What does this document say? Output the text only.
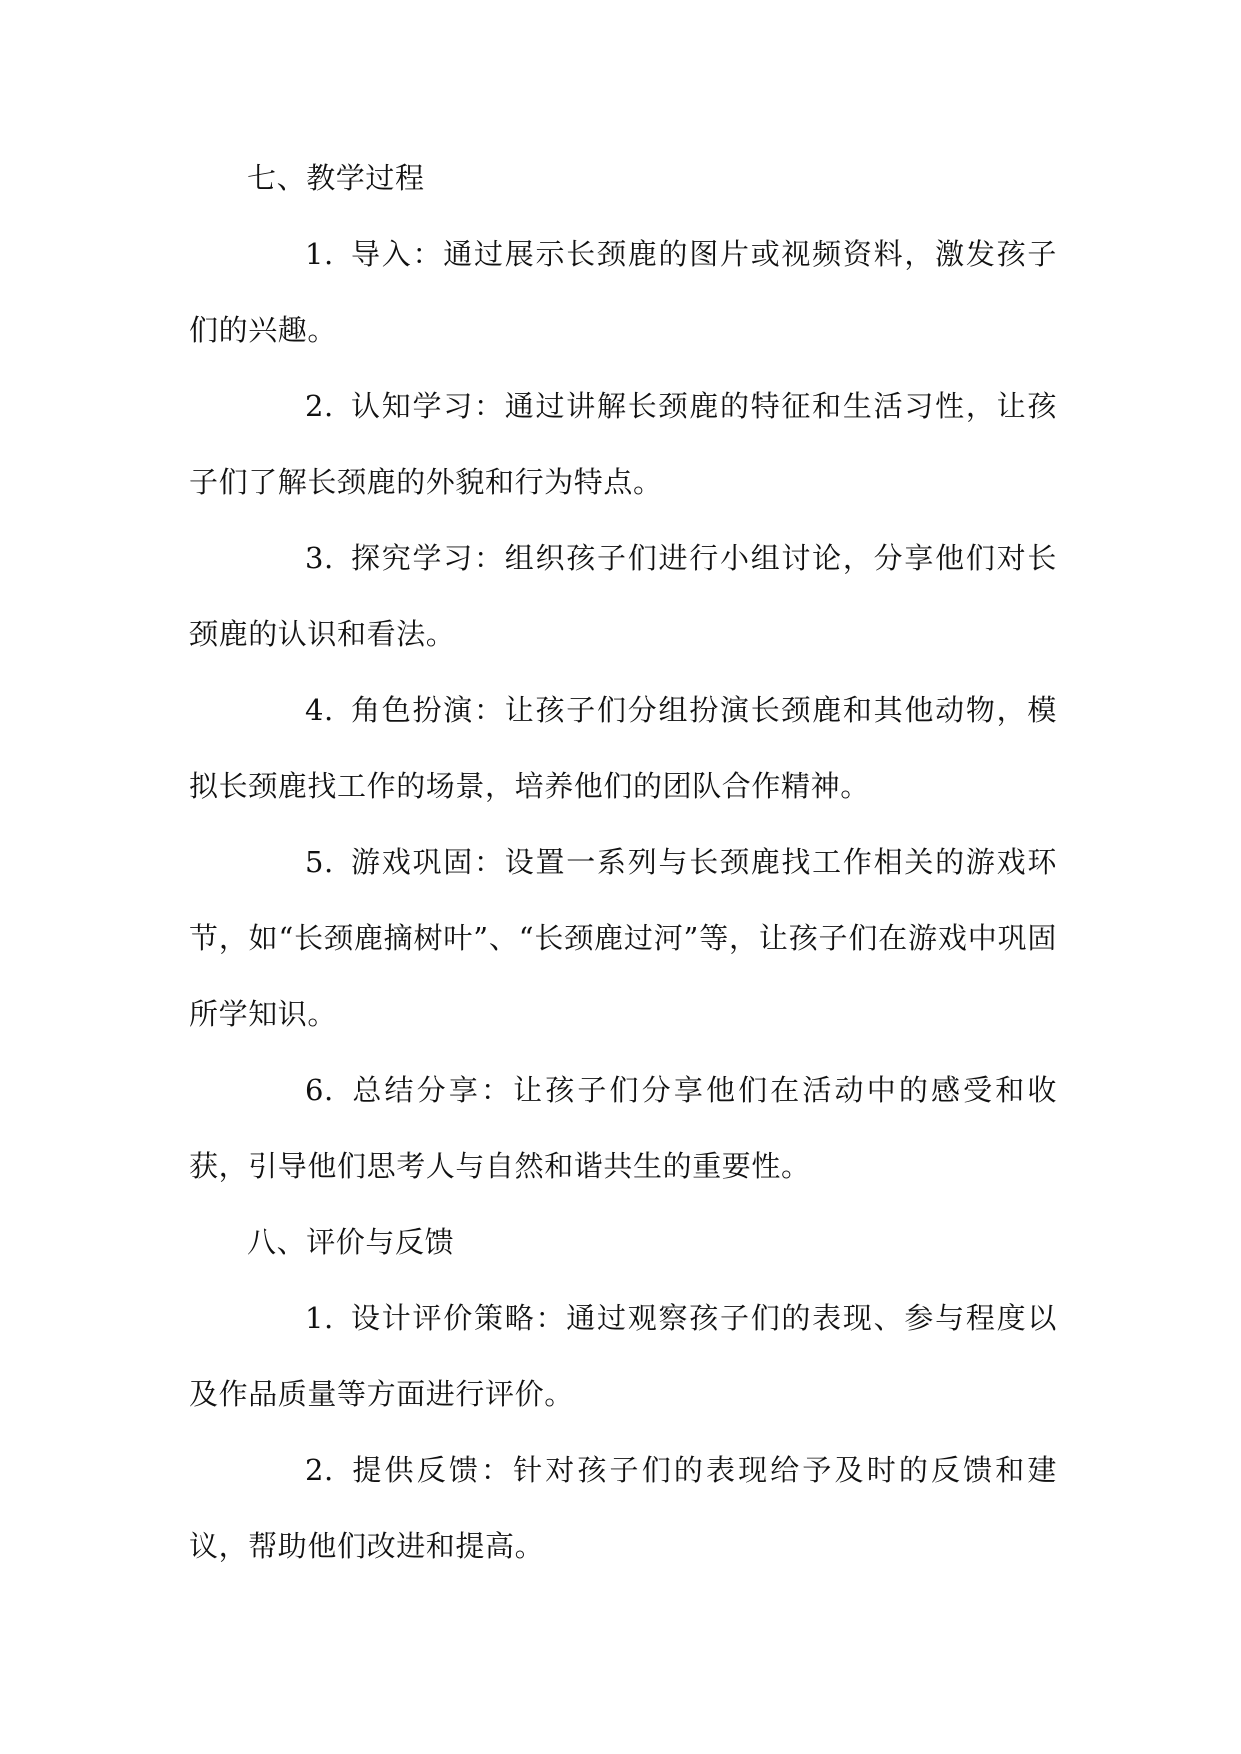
七、教学过程

1. 导入：通过展示长颈鹿的图片或视频资料，激发孩子们的兴趣。

2. 认知学习：通过讲解长颈鹿的特征和生活习性，让孩子们了解长颈鹿的外貌和行为特点。

3. 探究学习：组织孩子们进行小组讨论，分享他们对长颈鹿的认识和看法。

4. 角色扮演：让孩子们分组扮演长颈鹿和其他动物，模拟长颈鹿找工作的场景，培养他们的团队合作精神。

5. 游戏巩固：设置一系列与长颈鹿找工作相关的游戏环节，如“长颈鹿摘树叶”、“长颈鹿过河”等，让孩子们在游戏中巩固所学知识。

6. 总结分享：让孩子们分享他们在活动中的感受和收获，引导他们思考人与自然和谐共生的重要性。

八、评价与反馈

1. 设计评价策略：通过观察孩子们的表现、参与程度以及作品质量等方面进行评价。

2. 提供反馈：针对孩子们的表现给予及时的反馈和建议，帮助他们改进和提高。
